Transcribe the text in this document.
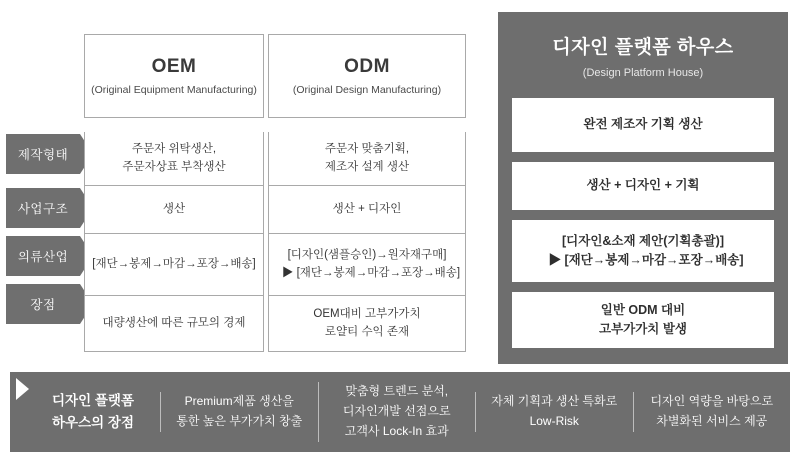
제작형태
사업구조
의류산업
장점
OEM
(Original Equipment Manufacturing)
주문자 위탁생산,
주문자상표 부착생산
생산
[재단→봉제→마감→포장→배송]
대량생산에 따른 규모의 경제
ODM
(Original Design Manufacturing)
주문자 맞춤기획,
제조자 설계 생산
생산 + 디자인
[디자인(샘플승인)→원자재구매]
▶ [재단→봉제→마감→포장→배송]
OEM대비 고부가가치
로얄티 수익 존재
디자인 플랫폼 하우스
(Design Platform House)
완전 제조자 기획 생산
생산 + 디자인 + 기획
[디자인&소재 제안(기획총괄)]
▶ [재단→봉제→마감→포장→배송]
일반 ODM 대비
고부가가치 발생
디자인 플랫폼
하우스의 장점
Premium제품 생산을
통한 높은 부가가치 창출
맞춤형 트렌드 분석,
디자인개발 선점으로
고객사 Lock-In 효과
자체 기획과 생산 특화로
Low-Risk
디자인 역량을 바탕으로
차별화된 서비스 제공
